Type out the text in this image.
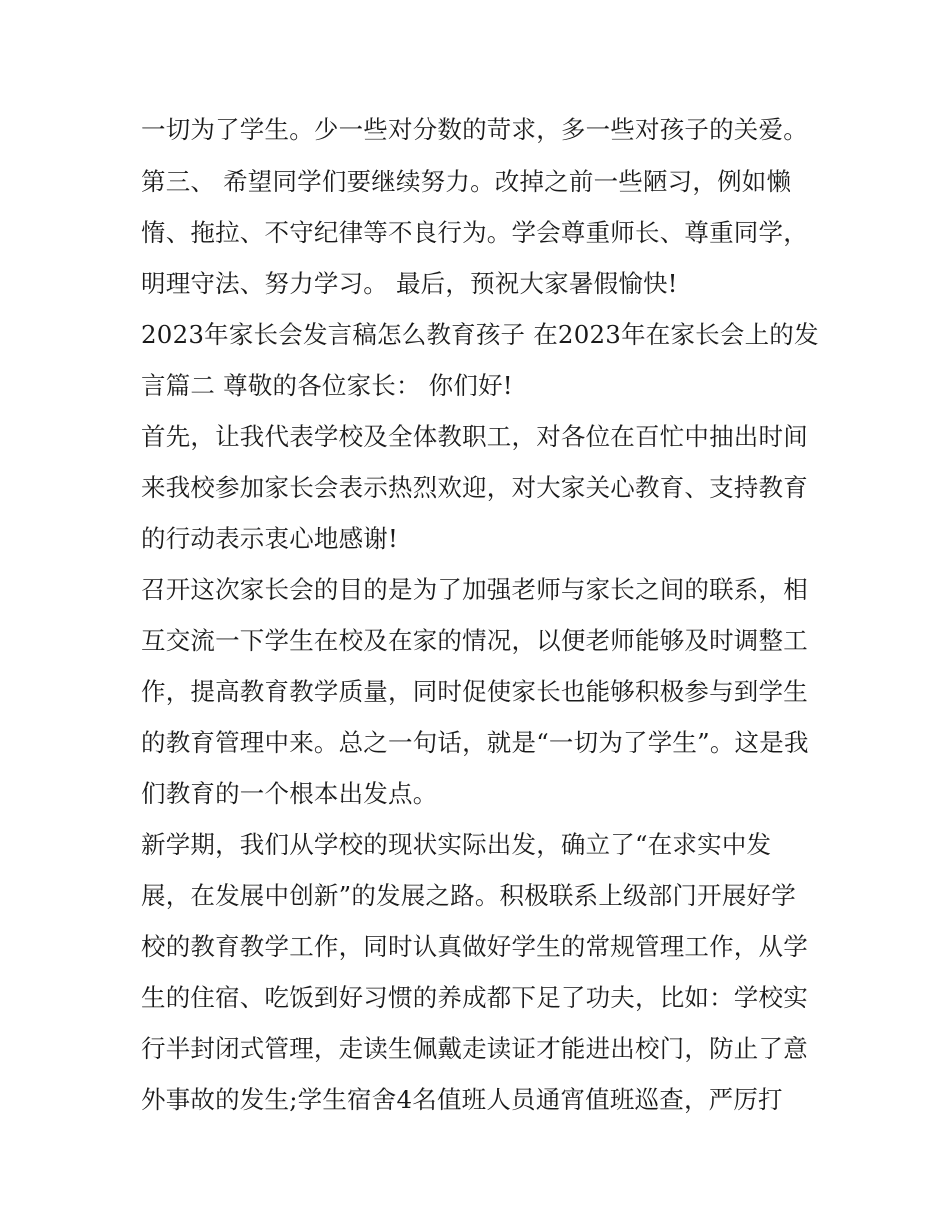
一切为了学生。少一些对分数的苛求，多一些对孩子的关爱。
第三、 希望同学们要继续努力。改掉之前一些陋习，例如懒
惰、拖拉、不守纪律等不良行为。学会尊重师长、尊重同学，
明理守法、努力学习。 最后，预祝大家暑假愉快!
2023年家长会发言稿怎么教育孩子 在2023年在家长会上的发
言篇二 尊敬的各位家长： 你们好!
首先，让我代表学校及全体教职工，对各位在百忙中抽出时间
来我校参加家长会表示热烈欢迎，对大家关心教育、支持教育
的行动表示衷心地感谢!
召开这次家长会的目的是为了加强老师与家长之间的联系，相
互交流一下学生在校及在家的情况，以便老师能够及时调整工
作，提高教育教学质量，同时促使家长也能够积极参与到学生
的教育管理中来。总之一句话，就是“一切为了学生”。这是我
们教育的一个根本出发点。
新学期，我们从学校的现状实际出发，确立了“在求实中发
展，在发展中创新”的发展之路。积极联系上级部门开展好学
校的教育教学工作，同时认真做好学生的常规管理工作，从学
生的住宿、吃饭到好习惯的养成都下足了功夫，比如：学校实
行半封闭式管理，走读生佩戴走读证才能进出校门，防止了意
外事故的发生;学生宿舍4名值班人员通宵值班巡查，严厉打
